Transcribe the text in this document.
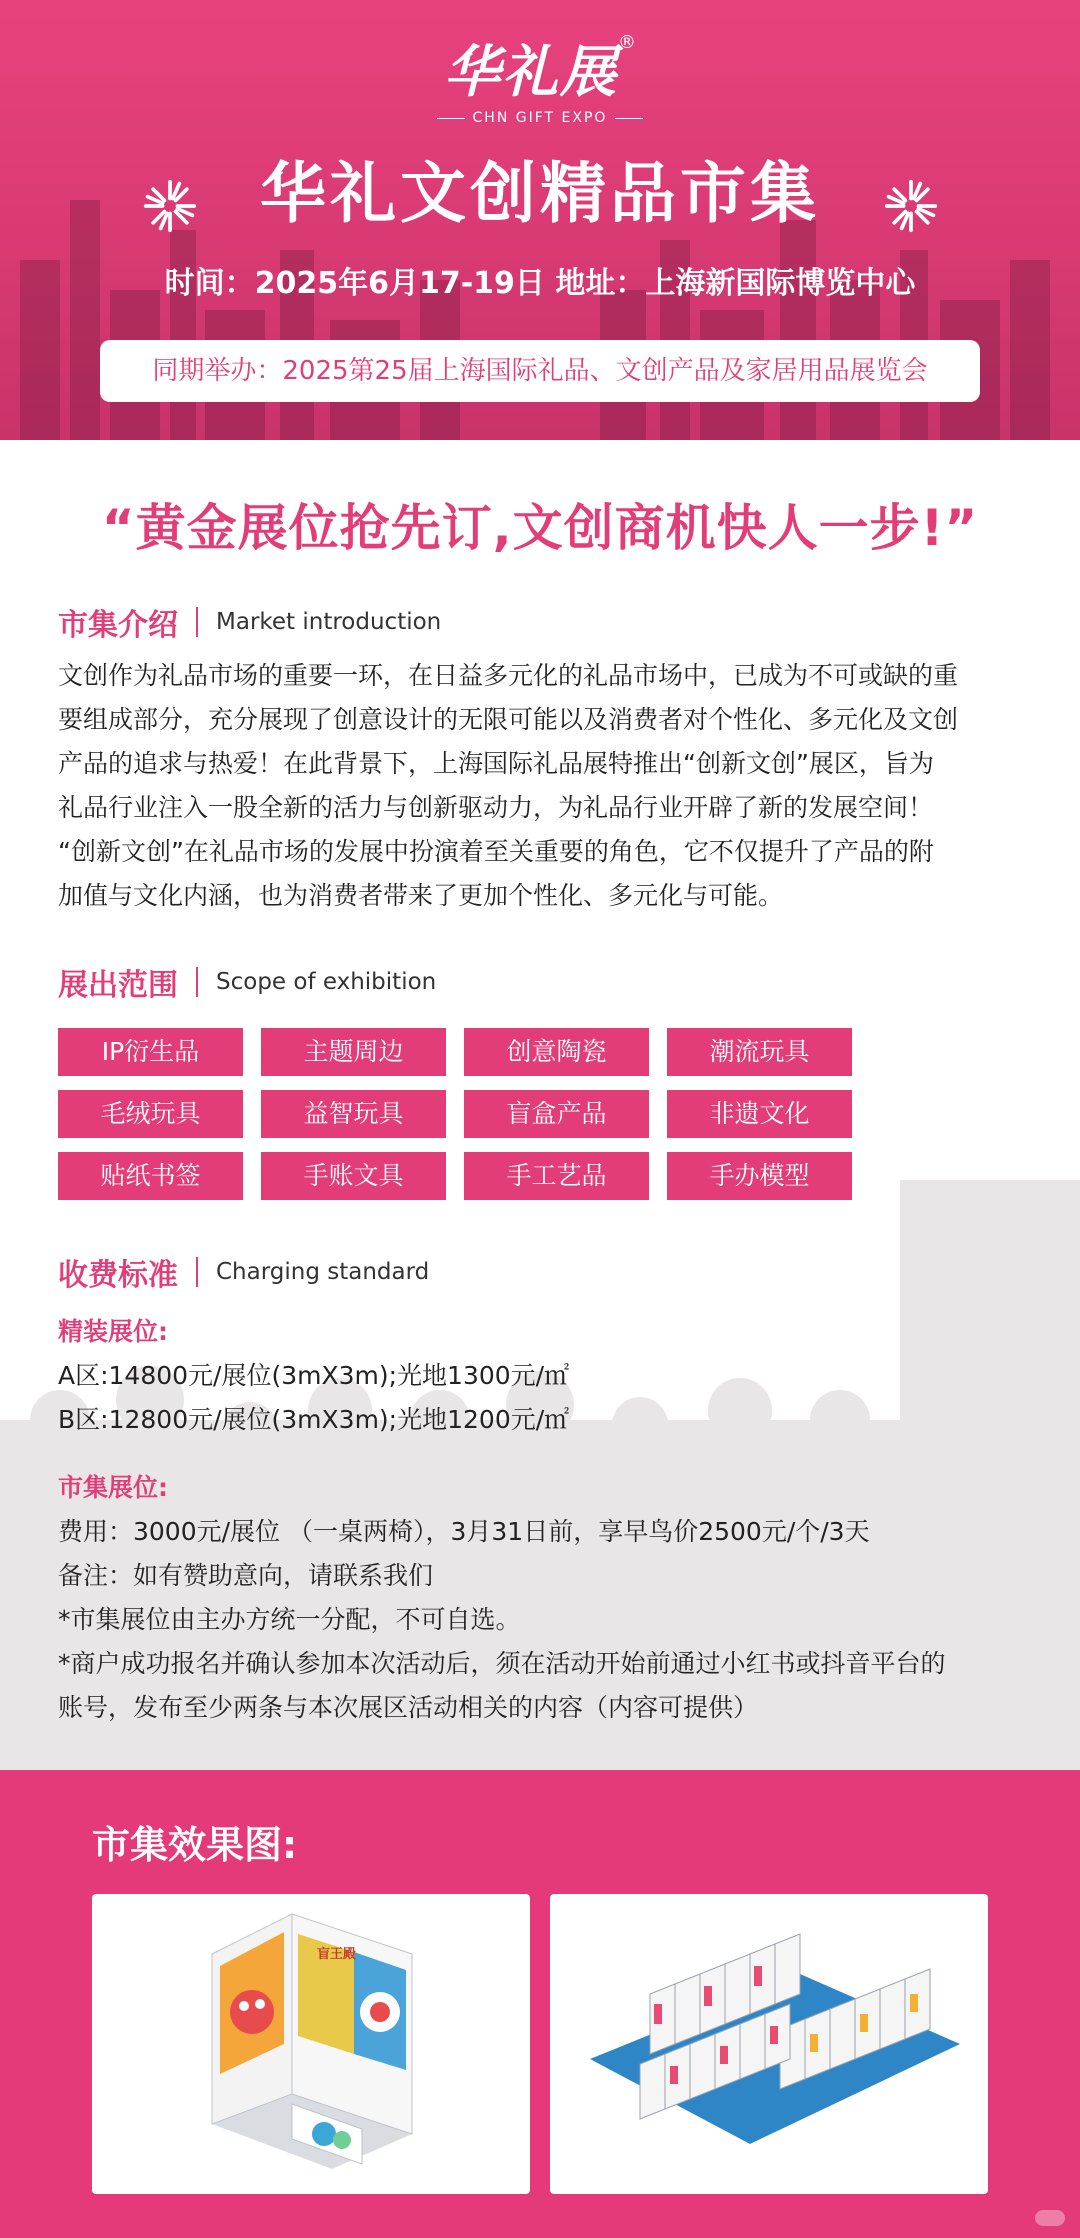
华礼展®
CHN GIFT EXPO
华礼文创精品市集
时间：2025年6月17-19日 地址：上海新国际博览中心
同期举办：2025第25届上海国际礼品、文创产品及家居用品展览会
“黄金展位抢先订,文创商机快人一步!”
市集介绍 Market introduction
文创作为礼品市场的重要一环，在日益多元化的礼品市场中，已成为不可或缺的重
要组成部分，充分展现了创意设计的无限可能以及消费者对个性化、多元化及文创
产品的追求与热爱！在此背景下，上海国际礼品展特推出“创新文创”展区，旨为
礼品行业注入一股全新的活力与创新驱动力，为礼品行业开辟了新的发展空间！
“创新文创”在礼品市场的发展中扮演着至关重要的角色，它不仅提升了产品的附
加值与文化内涵，也为消费者带来了更加个性化、多元化与可能。
展出范围 Scope of exhibition
IP衍生品	主题周边	创意陶瓷	潮流玩具
毛绒玩具	益智玩具	盲盒产品	非遗文化
贴纸书签	手账文具	手工艺品	手办模型
收费标准 Charging standard
精装展位:
A区:14800元/展位(3mX3m);光地1300元/㎡
B区:12800元/展位(3mX3m);光地1200元/㎡
市集展位:
费用：3000元/展位 （一桌两椅），3月31日前，享早鸟价2500元/个/3天
备注：如有赞助意向，请联系我们
*市集展位由主办方统一分配，不可自选。
*商户成功报名并确认参加本次活动后，须在活动开始前通过小红书或抖音平台的
账号，发布至少两条与本次展区活动相关的内容（内容可提供）
市集效果图:
盲王殿
